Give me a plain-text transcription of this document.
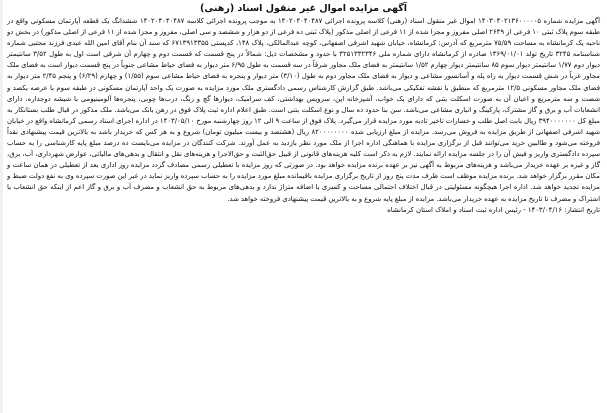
آگهی مزایده اموال غیر منقول اسناد (رهنی)

آگهی مزایده شماره ۱۴۰۳۰۴۰۲۱۳۶۰۰۰۰۰۵ اموال غیر منقول اسناد (رهنی) کلاسه پرونده اجرائی ۱۴۰۲۰۴۰۴۰۴۸۷ به موجب پرونده اجرائی کلاسه ۱۴۰۲۰۴۰۴۰۴۸۷ ششدانگ یک قطعه آپارتمان مسکونی واقع در طبقه سوم پلاک ثبتی ۱۰ فرعی از ۲۶۴۹ اصلی مفروز و مجزا شده از ۱۱ فرعی از اصلی مذکور (پلاک ثبتی ده فرعی از دو هزار و ششصد و سی اصلی، مفروز و مجزا شده از ۱۱ فرعی از اصلی مذکور) در بخش دو ناحیه یک کرمانشاه به مساحت ۷۵/۵۹ مترمربع که آدرس: کرمانشاه، خیابان شهید اشرفی اصفهانی، کوچه عبدالمالکی، پلاک ۱۴۸، کدپستی ۶۷۱۳۹۱۳۳۵۵ که سند آن بنام آقای امین الله عیدی فرزند مجتبی شماره شناسنامه ۳۲۴۵ تاریخ تولد ۱۳۶۹/۰۱/۰۱ صادره از کرمانشاه دارای شماره ملی ۳۲۵۱۳۳۲۳۴۶ با حدود و مشخصات ذیل: شمالاً در پنج قسمت که قسمت دوم و چهارم آن شرقی است اول به طول ۳/۵۲ سانتیمتر دیوار دوم ۱/۷۷ سانتیمتر دیوار سوم ۸۵ سانتیمتر دیوار چهارم ۱/۵۲ سانتیمتر به فضای ملک مجاور شرقاً در سه قسمت به طول ۶/۹۵ متر دیوار به فضای حیاط مشاعی جنوباً در پنج قسمت دیوار است به فضای ملک مجاور غرباً در شش قسمت دیوار به راه پله و آسانسور مشاعی و دیوار به فضای ملک مجاور دوم به طول (۳/۱۰) متر دیوار و پنجره به فضای حیاط مشاعی سوم (۱/۵۵) و چهارم (۶/۲۹) و پنجم ۲/۴۵ متر دیوار به فضای ملک مجاور مسکونی ۱۲/۵ مترمربع که منطبق با نقشه تفکیکی می‌باشد. طبق گزارش کارشناس رسمی دادگستری ملک مورد مزایده به صورت یک واحد آپارتمان مسکونی در طبقه سوم با عرصه یکصد و شصت و سه مترمربع و اعیان آن به صورت اسکلت بتنی که دارای یک خواب، آشپزخانه اپن، سرویس بهداشتی، کف سرامیک، دیوارها گچ و رنگ، درب‌ها چوبی، پنجره‌ها آلومینیومی با شیشه دوجداره، دارای انشعابات آب و برق و گاز مشترک، پارکینگ و انباری مشاعی می‌باشد. سن بنا حدود ده سال و نوع اسکلت بتنی است. طبق اعلام اداره ثبت پلاک فوق در رهن بانک می‌باشد. ملک مذکور در قبال طلب بستانکار به مبلغ کل ۳۹۴۰۰۰۰۰۰۰ ریال بابت اصل طلب و خسارات تاخیر تادیه مورد مزایده قرار می‌گیرد. پلاک فوق از ساعت ۹ الی ۱۲ روز چهارشنبه مورخ ۱۴۰۳/۰۵/۱۰ در اداره اجرای اسناد رسمی کرمانشاه واقع در خیابان شهید اشرفی اصفهانی از طریق مزایده به فروش می‌رسد. مزایده از مبلغ ارزیابی شده ۸۲۰۰۰۰۰۰۰۰ ریال (هشتصد و بیست میلیون تومان) شروع و به هر کس که خریدار باشد به بالاترین قیمت پیشنهادی نقداً فروخته می‌شود و طالبین خرید می‌توانند قبل از برگزاری مزایده با هماهنگی اداره اجرا از ملک مورد نظر بازدید به عمل آورند. شرکت کنندگان در مزایده می‌بایست ده درصد مبلغ پایه کارشناسی را به حساب سپرده دادگستری واریز و فیش آن را در جلسه مزایده ارائه نمایند. لازم به ذکر است کلیه هزینه‌های قانونی از قبیل حق‌الثبت و حق‌الاجرا و هزینه‌های نقل و انتقال و بدهی‌های مالیاتی، عوارض شهرداری، آب، برق، گاز و غیره بر عهده خریدار می‌باشد و هزینه‌های مربوط به آگهی نیز بر عهده برنده مزایده خواهد بود. در صورتی که روز مزایده با تعطیلی رسمی مصادف گردد مزایده روز اداری بعد از تعطیلی در همان ساعت و مکان مقرر برگزار خواهد شد. برنده مزایده موظف است ظرف مدت پنج روز از تاریخ برگزاری مزایده باقیمانده مبلغ مورد مزایده را به حساب سپرده واریز نماید در غیر این صورت سپرده وی به نفع دولت ضبط و مزایده تجدید خواهد شد. اداره اجرا هیچگونه مسئولیتی در قبال اختلاف احتمالی مساحت و کسری یا اضافه متراژ ندارد و بدهی‌های مربوط به حق انشعاب و مصرف آب و برق و گاز اعم از اینکه حق انشعاب یا اشتراک و مصرف تا تاریخ مزایده به عهده خریدار می‌باشد. مزایده از مبلغ پایه شروع و به بالاترین قیمت پیشنهادی فروخته خواهد شد.

تاریخ انتشار: ۱۴۰۳/۰۴/۱۶ - رئیس اداره ثبت اسناد و املاک استان کرمانشاه
